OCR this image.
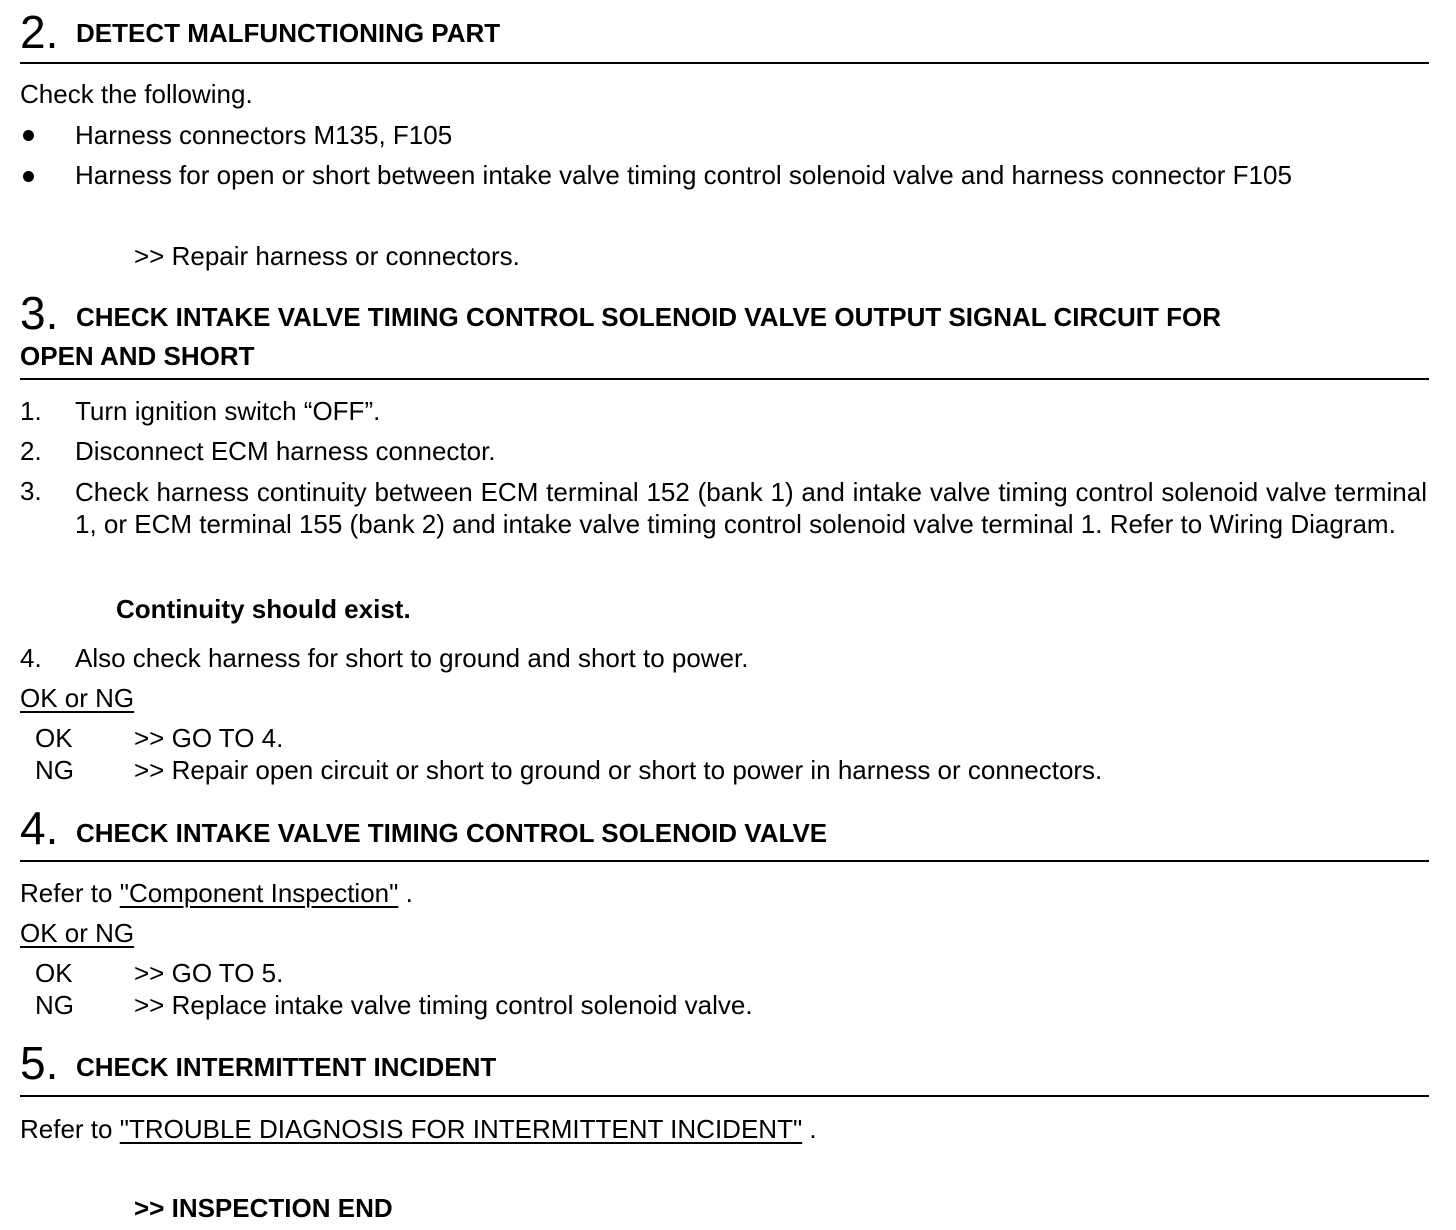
2. DETECT MALFUNCTIONING PART
Check the following.
Harness connectors M135, F105
Harness for open or short between intake valve timing control solenoid valve and harness connector F105
>> Repair harness or connectors.
3. CHECK INTAKE VALVE TIMING CONTROL SOLENOID VALVE OUTPUT SIGNAL CIRCUIT FOR
OPEN AND SHORT
1. Turn ignition switch “OFF”.
2. Disconnect ECM harness connector.
3. Check harness continuity between ECM terminal 152 (bank 1) and intake valve timing control solenoid valve terminal 1, or ECM terminal 155 (bank 2) and intake valve timing control solenoid valve terminal 1. Refer to Wiring Diagram.
Continuity should exist.
4. Also check harness for short to ground and short to power.
OK or NG
OK >> GO TO 4.
NG >> Repair open circuit or short to ground or short to power in harness or connectors.
4. CHECK INTAKE VALVE TIMING CONTROL SOLENOID VALVE
Refer to "Component Inspection" .
OK or NG
OK >> GO TO 5.
NG >> Replace intake valve timing control solenoid valve.
5. CHECK INTERMITTENT INCIDENT
Refer to "TROUBLE DIAGNOSIS FOR INTERMITTENT INCIDENT" .
>> INSPECTION END
